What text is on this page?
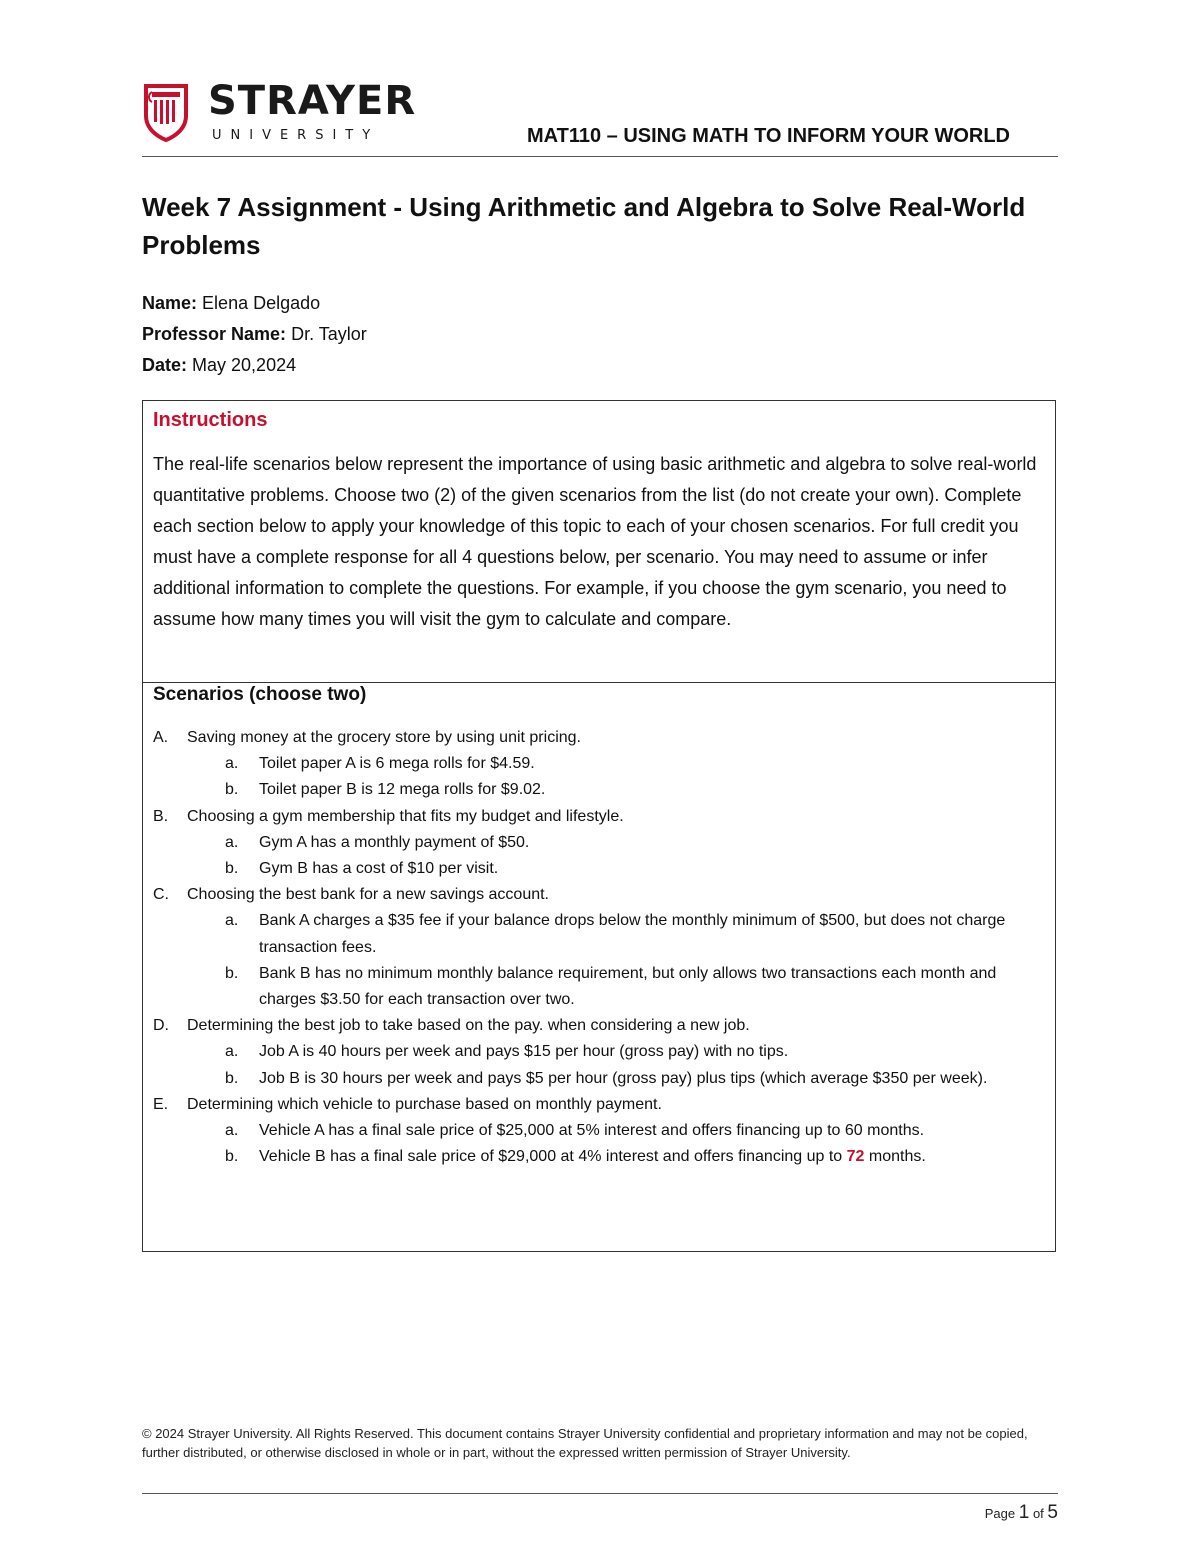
STRAYER
UNIVERSITY	MAT110 – USING MATH TO INFORM YOUR WORLD
Week 7 Assignment - Using Arithmetic and Algebra to Solve Real-World Problems
Name: Elena Delgado
Professor Name: Dr. Taylor
Date: May 20,2024
Instructions
The real-life scenarios below represent the importance of using basic arithmetic and algebra to solve real-world quantitative problems. Choose two (2) of the given scenarios from the list (do not create your own). Complete each section below to apply your knowledge of this topic to each of your chosen scenarios. For full credit you must have a complete response for all 4 questions below, per scenario. You may need to assume or infer additional information to complete the questions. For example, if you choose the gym scenario, you need to assume how many times you will visit the gym to calculate and compare.
Scenarios (choose two)
A. Saving money at the grocery store by using unit pricing.
a. Toilet paper A is 6 mega rolls for $4.59.
b. Toilet paper B is 12 mega rolls for $9.02.
B. Choosing a gym membership that fits my budget and lifestyle.
a. Gym A has a monthly payment of $50.
b. Gym B has a cost of $10 per visit.
C. Choosing the best bank for a new savings account.
a. Bank A charges a $35 fee if your balance drops below the monthly minimum of $500, but does not charge transaction fees.
b. Bank B has no minimum monthly balance requirement, but only allows two transactions each month and charges $3.50 for each transaction over two.
D. Determining the best job to take based on the pay. when considering a new job.
a. Job A is 40 hours per week and pays $15 per hour (gross pay) with no tips.
b. Job B is 30 hours per week and pays $5 per hour (gross pay) plus tips (which average $350 per week).
E. Determining which vehicle to purchase based on monthly payment.
a. Vehicle A has a final sale price of $25,000 at 5% interest and offers financing up to 60 months.
b. Vehicle B has a final sale price of $29,000 at 4% interest and offers financing up to 72 months.
© 2024 Strayer University. All Rights Reserved. This document contains Strayer University confidential and proprietary information and may not be copied, further distributed, or otherwise disclosed in whole or in part, without the expressed written permission of Strayer University.
Page 1 of 5
